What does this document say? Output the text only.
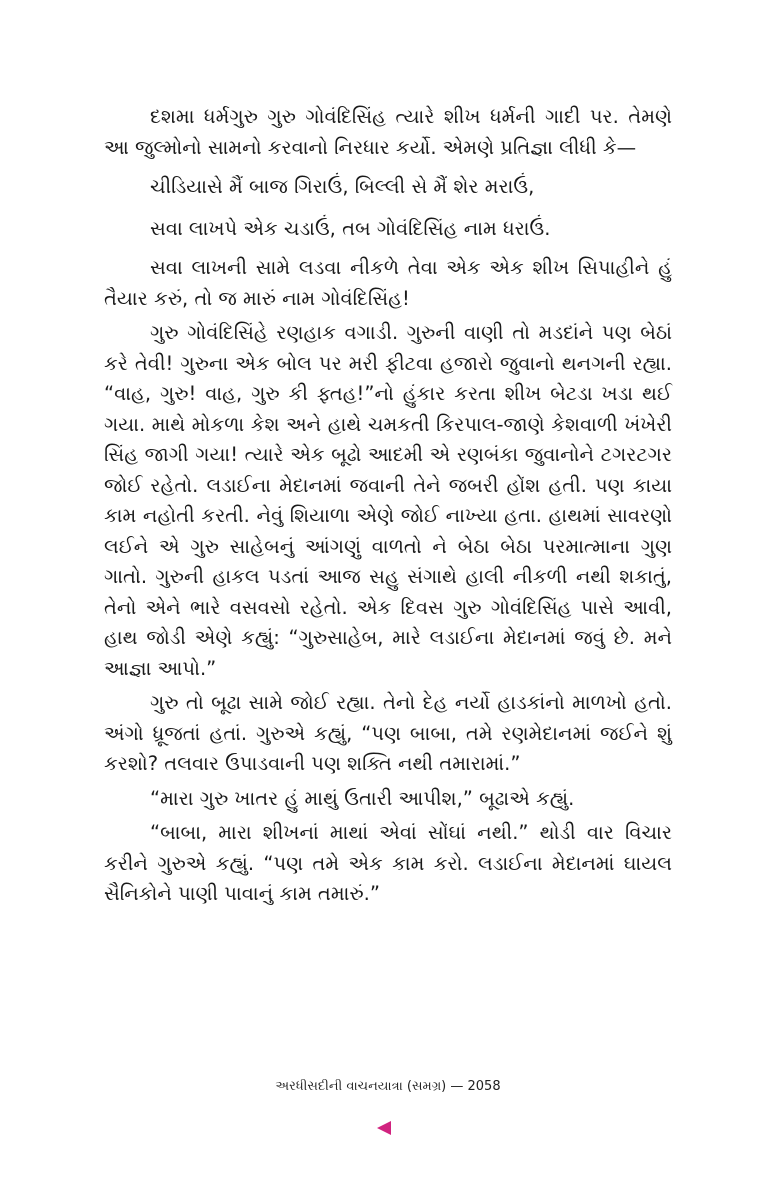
દશમા ધર્મગુરુ ગુરુ ગોવંદિસિંહ ત્યારે શીખ ધર્મની ગાદી પર. તેમણે આ જુલ્મોનો સામનો કરવાનો નિરધાર કર્યો. એમણે પ્રતિજ્ઞા લીધી કે—

ચીડિયાસે મૈં બાજ ગિરાઉં, બિલ્લી સે મૈં શેર મરાઉં,

સવા લાખપે એક ચડાઉં, તબ ગોવંદિસિંહ નામ ધરાઉં.

સવા લાખની સામે લડવા નીકળે તેવા એક એક શીખ સિપાહીને હું તૈયાર કરું, તો જ મારું નામ ગોવંદિસિંહ!

ગુરુ ગોવંદિસિંહે રણહાક વગાડી. ગુરુની વાણી તો મડદાંને પણ બેઠાં કરે તેવી! ગુરુના એક બોલ પર મરી ફીટવા હજારો જુવાનો થનગની રહ્યા. “વાહ, ગુરુ! વાહ, ગુરુ કી ફ્તહ!”નો હુંકાર કરતા શીખ બેટડા ખડા થઈ ગયા. માથે મોકળા કેશ અને હાથે ચમકતી કિરપાલ-જાણે કેશવાળી ખંખેરી સિંહ જાગી ગયા! ત્યારે એક બૂઢો આદમી એ રણબંકા જુવાનોને ટગરટગર જોઈ રહેતો. લડાઈના મેદાનમાં જવાની તેને જબરી હોંશ હતી. પણ કાયા કામ નહોતી કરતી. નેવું શિયાળા એણે જોઈ નાખ્યા હતા. હાથમાં સાવરણો લઈને એ ગુરુ સાહેબનું આંગણું વાળતો ને બેઠા બેઠા પરમાત્માના ગુણ ગાતો. ગુરુની હાકલ પડતાં આજ સહુ સંગાથે હાલી નીકળી નથી શકાતું, તેનો એને ભારે વસવસો રહેતો. એક દિવસ ગુરુ ગોવંદિસિંહ પાસે આવી, હાથ જોડી એણે કહ્યું: “ગુરુસાહેબ, મારે લડાઈના મેદાનમાં જવું છે. મને આજ્ઞા આપો.”

ગુરુ તો બૂઢા સામે જોઈ રહ્યા. તેનો દેહ નર્યો હાડકાંનો માળખો હતો. અંગો ધ્રૂજતાં હતાં. ગુરુએ કહ્યું, “પણ બાબા, તમે રણમેદાનમાં જઈને શું કરશો? તલવાર ઉપાડવાની પણ શક્તિ નથી તમારામાં.”

“મારા ગુરુ ખાતર હું માથું ઉતારી આપીશ,” બૂઢાએ કહ્યું.

“બાબા, મારા શીખનાં માથાં એવાં સોંઘાં નથી.” થોડી વાર વિચાર કરીને ગુરુએ કહ્યું. “પણ તમે એક કામ કરો. લડાઈના મેદાનમાં ઘાયલ સૈનિકોને પાણી પાવાનું કામ તમારું.”

અરધીસદીની વાચનયાત્રા (સમગ્ર) — 2058
